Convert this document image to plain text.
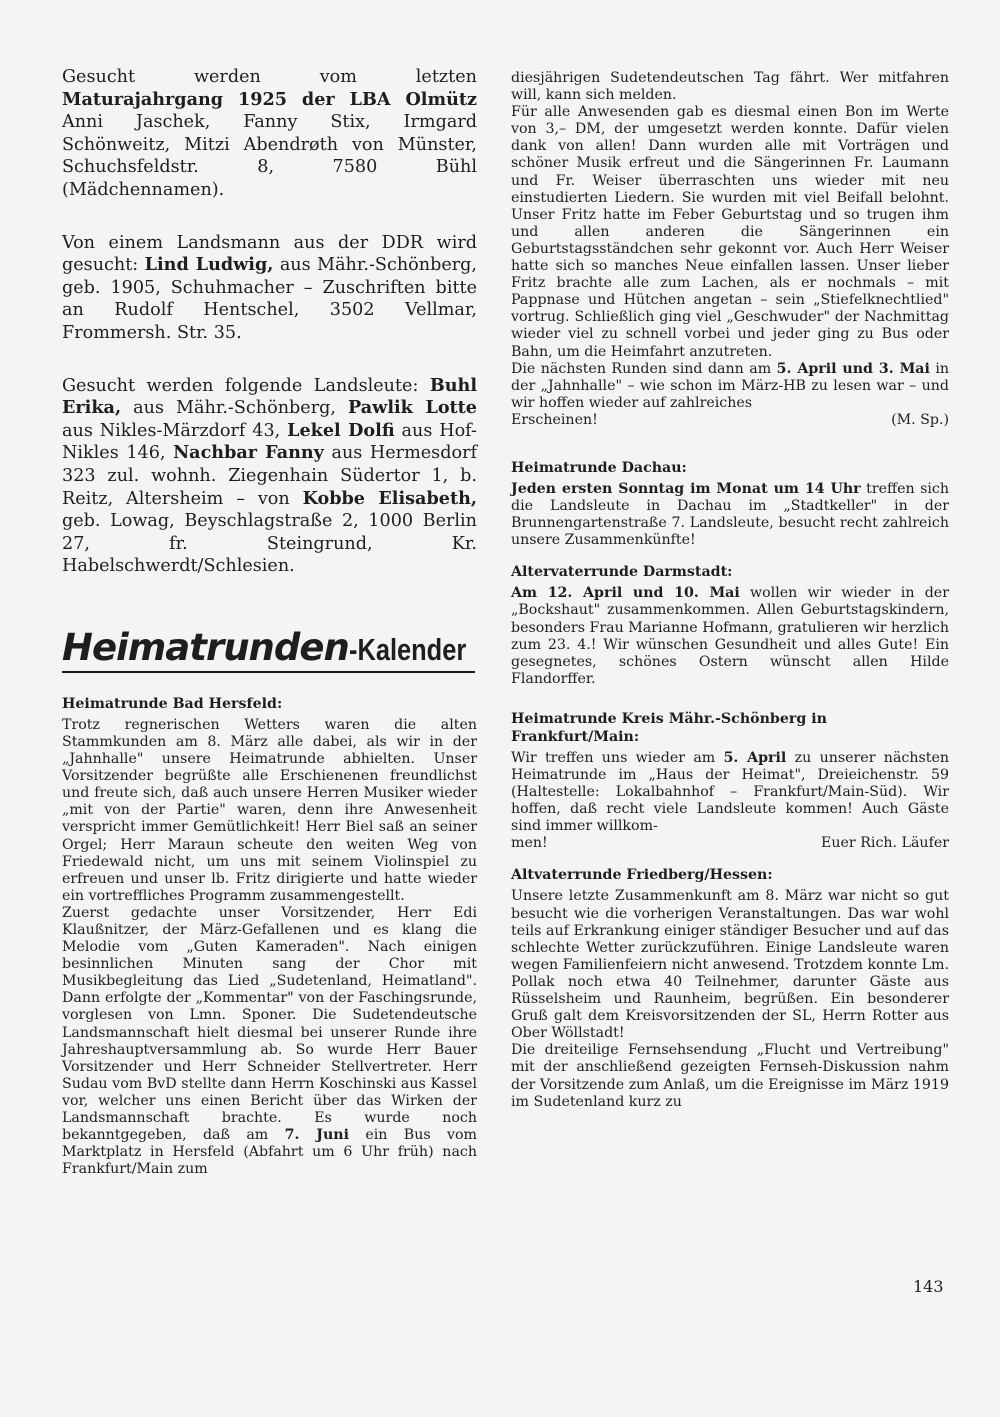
Gesucht werden vom letzten Maturajahrgang 1925 der LBA Olmütz Anni Jaschek, Fanny Stix, Irmgard Schönweitz, Mitzi Abendrøth von Münster, Schuchsfeldstr. 8, 7580 Bühl (Mädchennamen).

Von einem Landsmann aus der DDR wird gesucht: Lind Ludwig, aus Mähr.-Schönberg, geb. 1905, Schuhmacher – Zuschriften bitte an Rudolf Hentschel, 3502 Vellmar, Frommersh. Str. 35.

Gesucht werden folgende Landsleute: Buhl Erika, aus Mähr.-Schönberg, Pawlik Lotte aus Nikles-Märzdorf 43, Lekel Dolfi aus Hof-Nikles 146, Nachbar Fanny aus Hermesdorf 323 zul. wohnh. Ziegenhain Südertor 1, b. Reitz, Altersheim – von Kobbe Elisabeth, geb. Lowag, Beyschlagstraße 2, 1000 Berlin 27, fr. Steingrund, Kr. Habelschwerdt/Schlesien.

Heimatrunden-Kalender
Heimatrunde Bad Hersfeld:

Trotz regnerischen Wetters waren die alten Stammkunden am 8. März alle dabei, als wir in der „Jahnhalle" unsere Heimatrunde abhielten. Unser Vorsitzender begrüßte alle Erschienenen freundlichst und freute sich, daß auch unsere Herren Musiker wieder „mit von der Partie" waren, denn ihre Anwesenheit verspricht immer Gemütlichkeit! Herr Biel saß an seiner Orgel; Herr Maraun scheute den weiten Weg von Friedewald nicht, um uns mit seinem Violinspiel zu erfreuen und unser lb. Fritz dirigierte und hatte wieder ein vortreffliches Programm zusammengestellt.

Zuerst gedachte unser Vorsitzender, Herr Edi Klaußnitzer, der März-Gefallenen und es klang die Melodie vom „Guten Kameraden". Nach einigen besinnlichen Minuten sang der Chor mit Musikbegleitung das Lied „Sudetenland, Heimatland". Dann erfolgte der „Kommentar" von der Faschingsrunde, vorglesen von Lmn. Sponer. Die Sudetendeutsche Landsmannschaft hielt diesmal bei unserer Runde ihre Jahreshauptversammlung ab. So wurde Herr Bauer Vorsitzender und Herr Schneider Stellvertreter. Herr Sudau vom BvD stellte dann Herrn Koschinski aus Kassel vor, welcher uns einen Bericht über das Wirken der Landsmannschaft brachte. Es wurde noch bekanntgegeben, daß am 7. Juni ein Bus vom Marktplatz in Hersfeld (Abfahrt um 6 Uhr früh) nach Frankfurt/Main zum

diesjährigen Sudetendeutschen Tag fährt. Wer mitfahren will, kann sich melden.

Für alle Anwesenden gab es diesmal einen Bon im Werte von 3,– DM, der umgesetzt werden konnte. Dafür vielen dank von allen! Dann wurden alle mit Vorträgen und schöner Musik erfreut und die Sängerinnen Fr. Laumann und Fr. Weiser überraschten uns wieder mit neu einstudierten Liedern. Sie wurden mit viel Beifall belohnt. Unser Fritz hatte im Feber Geburtstag und so trugen ihm und allen anderen die Sängerinnen ein Geburtstagsständchen sehr gekonnt vor. Auch Herr Weiser hatte sich so manches Neue einfallen lassen. Unser lieber Fritz brachte alle zum Lachen, als er nochmals – mit Pappnase und Hütchen angetan – sein „Stiefelknechtlied" vortrug. Schließlich ging viel „Geschwuder" der Nachmittag wieder viel zu schnell vorbei und jeder ging zu Bus oder Bahn, um die Heimfahrt anzutreten.

Die nächsten Runden sind dann am 5. April und 3. Mai in der „Jahnhalle" – wie schon im März-HB zu lesen war – und wir hoffen wieder auf zahlreiches

Erscheinen!	(M. Sp.)
Heimatrunde Dachau:

Jeden ersten Sonntag im Monat um 14 Uhr treffen sich die Landsleute in Dachau im „Stadtkeller" in der Brunnengartenstraße 7. Landsleute, besucht recht zahlreich unsere Zusammenkünfte!

Altervaterrunde Darmstadt:

Am 12. April und 10. Mai wollen wir wieder in der „Bockshaut" zusammenkommen. Allen Geburtstagskindern, besonders Frau Marianne Hofmann, gratulieren wir herzlich zum 23. 4.! Wir wünschen Gesundheit und alles Gute! Ein gesegnetes, schönes Ostern wünscht allen Hilde Flandorffer.

Heimatrunde Kreis Mähr.-Schönberg in Frankfurt/Main:

Wir treffen uns wieder am 5. April zu unserer nächsten Heimatrunde im „Haus der Heimat", Dreieichenstr. 59 (Haltestelle: Lokalbahnhof – Frankfurt/Main-Süd). Wir hoffen, daß recht viele Landsleute kommen! Auch Gäste sind immer willkom-

men!	Euer Rich. Läufer
Altvaterrunde Friedberg/Hessen:

Unsere letzte Zusammenkunft am 8. März war nicht so gut besucht wie die vorherigen Veranstaltungen. Das war wohl teils auf Erkrankung einiger ständiger Besucher und auf das schlechte Wetter zurückzuführen. Einige Landsleute waren wegen Familienfeiern nicht anwesend. Trotzdem konnte Lm. Pollak noch etwa 40 Teilnehmer, darunter Gäste aus Rüsselsheim und Raunheim, begrüßen. Ein besonderer Gruß galt dem Kreisvorsitzenden der SL, Herrn Rotter aus Ober Wöllstadt!

Die dreiteilige Fernsehsendung „Flucht und Vertreibung" mit der anschließend gezeigten Fernseh-Diskussion nahm der Vorsitzende zum Anlaß, um die Ereignisse im März 1919 im Sudetenland kurz zu

143
